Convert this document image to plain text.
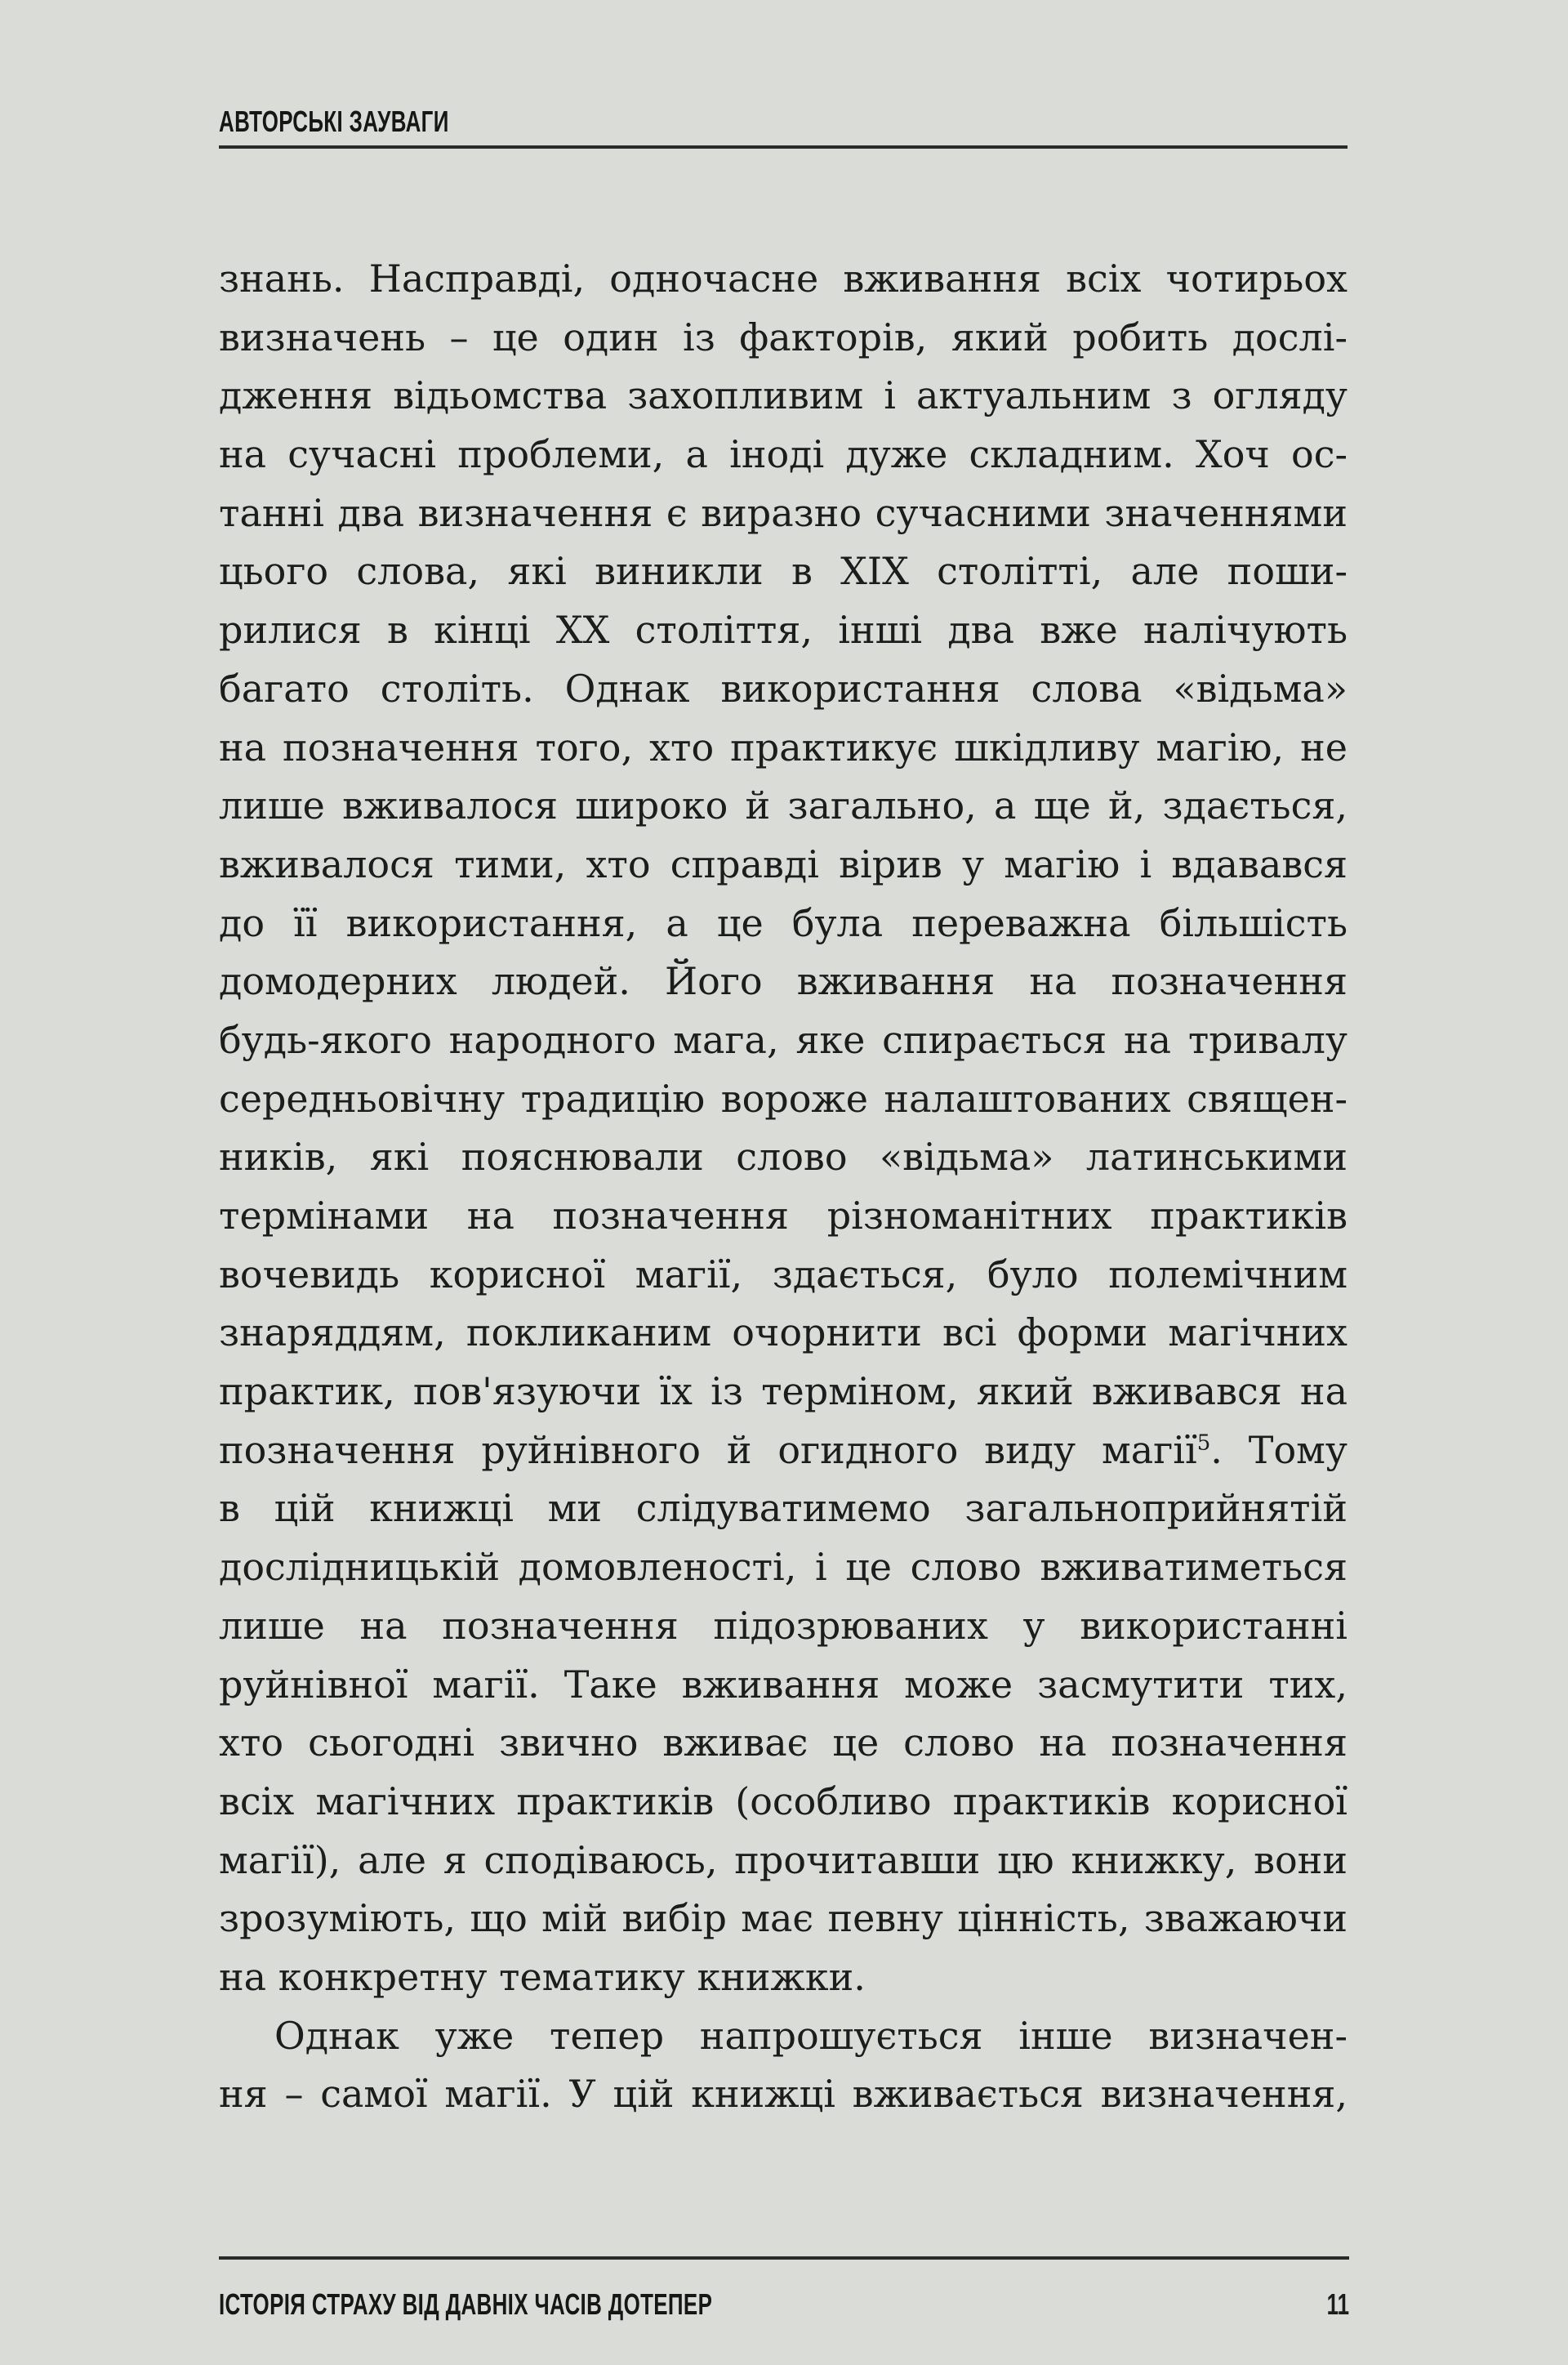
АВТОРСЬКІ ЗАУВАГИ
знань. Насправді, одночасне вживання всіх чотирьох
визначень – це один із факторів, який робить дослі-
дження відьомства захопливим і актуальним з огляду
на сучасні проблеми, а іноді дуже складним. Хоч ос-
танні два визначення є виразно сучасними значеннями
цього слова, які виникли в XIX столітті, але поши-
рилися в кінці XX століття, інші два вже налічують
багато століть. Однак використання слова «відьма»
на позначення того, хто практикує шкідливу магію, не
лише вживалося широко й загально, а ще й, здається,
вживалося тими, хто справді вірив у магію і вдавався
до її використання, а це була переважна більшість
домодерних людей. Його вживання на позначення
будь-якого народного мага, яке спирається на тривалу
середньовічну традицію вороже налаштованих священ-
ників, які пояснювали слово «відьма» латинськими
термінами на позначення різноманітних практиків
вочевидь корисної магії, здається, було полемічним
знаряддям, покликаним очорнити всі форми магічних
практик, пов'язуючи їх із терміном, який вживався на
позначення руйнівного й огидного виду магії$^5$. Тому
в цій книжці ми слідуватимемо загальноприйнятій
дослідницькій домовленості, і це слово вживатиметься
лише на позначення підозрюваних у використанні
руйнівної магії. Таке вживання може засмутити тих,
хто сьогодні звично вживає це слово на позначення
всіх магічних практиків (особливо практиків корисної
магії), але я сподіваюсь, прочитавши цю книжку, вони
зрозуміють, що мій вибір має певну цінність, зважаючи
на конкретну тематику книжки.
Однак уже тепер напрошується інше визначен-
ня – самої магії. У цій книжці вживається визначення,
ІСТОРІЯ СТРАХУ ВІД ДАВНІХ ЧАСІВ ДОТЕПЕР	11
